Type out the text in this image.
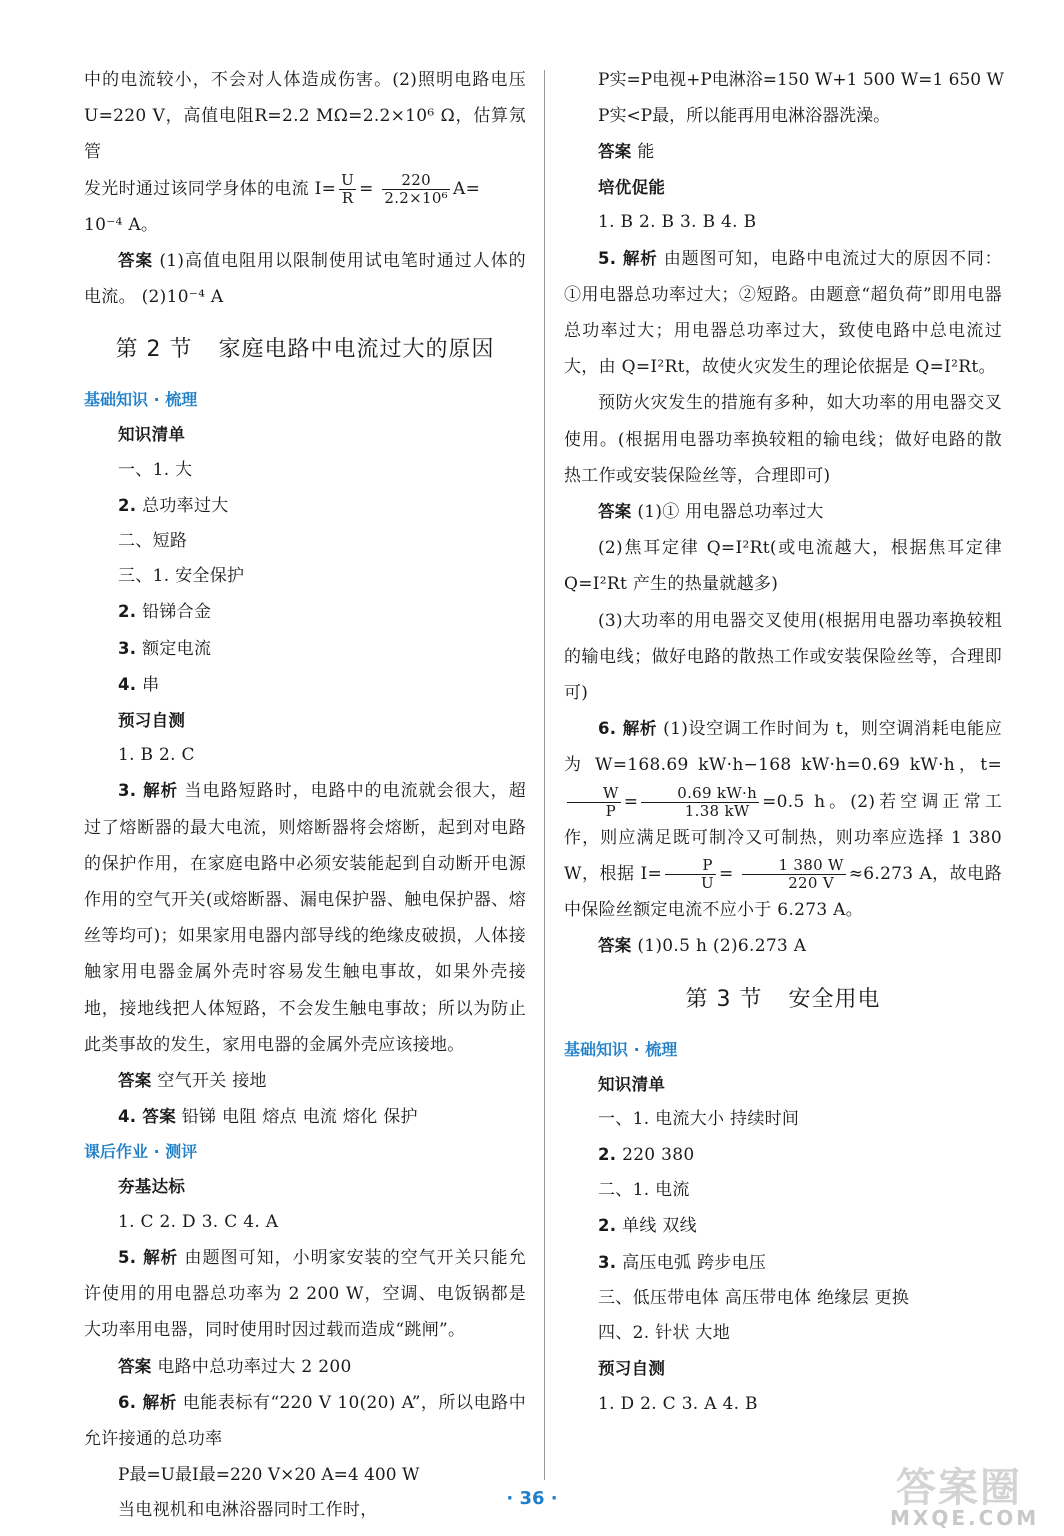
中的电流较小，不会对人体造成伤害。(2)照明电路电压U=220 V，高值电阻R=2.2 MΩ=2.2×10⁶ Ω，估算氖管

发光时通过该同学身体的电流 $I= \frac{U}{R} = \frac{220}{\text{2.2×10⁶}} A=$

10⁻⁴ A。

答案 (1)高值电阻用以限制使用试电笔时通过人体的电流。 (2)10⁻⁴ A

第 2 节 家庭电路中电流过大的原因
基础知识 · 梳理
知识清单
一、1. 大
2. 总功率过大
二、短路
三、1. 安全保护
2. 铅锑合金
3. 额定电流
4. 串
预习自测
1. B 2. C

3. 解析 当电路短路时，电路中的电流就会很大，超过了熔断器的最大电流，则熔断器将会熔断，起到对电路的保护作用，在家庭电路中必须安装能起到自动断开电源作用的空气开关(或熔断器、漏电保护器、触电保护器、熔丝等均可)；如果家用电器内部导线的绝缘皮破损，人体接触家用电器金属外壳时容易发生触电事故，如果外壳接地，接地线把人体短路，不会发生触电事故；所以为防止此类事故的发生，家用电器的金属外壳应该接地。

答案 空气开关 接地
4. 答案 铅锑 电阻 熔点 电流 熔化 保护
课后作业 · 测评
夯基达标
1. C 2. D 3. C 4. A

5. 解析 由题图可知，小明家安装的空气开关只能允许使用的用电器总功率为 2 200 W，空调、电饭锅都是大功率用电器，同时使用时因过载而造成“跳闸”。

答案 电路中总功率过大 2 200

6. 解析 电能表标有“220 V 10(20) A”，所以电路中允许接通的总功率

P最=U最I最=220 V×20 A=4 400 W
当电视机和电淋浴器同时工作时，
P实=P电视+P电淋浴=150 W+1 500 W=1 650 W
P实<P最，所以能再用电淋浴器洗澡。
答案 能
培优促能
1. B 2. B 3. B 4. B

5. 解析 由题图可知，电路中电流过大的原因不同：①用电器总功率过大；②短路。由题意“超负荷”即用电器总功率过大；用电器总功率过大，致使电路中总电流过大，由 Q=I²Rt，故使火灾发生的理论依据是 Q=I²Rt。

预防火灾发生的措施有多种，如大功率的用电器交叉使用。(根据用电器功率换较粗的输电线；做好电路的散热工作或安装保险丝等，合理即可)

答案 (1)① 用电器总功率过大

(2)焦耳定律 Q=I²Rt(或电流越大，根据焦耳定律 Q=I²Rt 产生的热量就越多)

(3)大功率的用电器交叉使用(根据用电器功率换较粗的输电线；做好电路的散热工作或安装保险丝等，合理即可)

6. 解析 (1)设空调工作时间为 t，则空调消耗电能应为 W=168.69 kW·h−168 kW·h=0.69 kW·h，t=
$\frac{W}{P} = \frac{0.69 kW\cdot h}{1.38 kW} =0.5$ h。(2)若空调正常工作，则应满足既可制冷又可制热，则功率应选择 1 380 W，根据 $I= \frac{P}{U} = \frac{1 380 W}{220 V} \approx 6.273$ A，故电路中保险丝额定电流不应小于 6.273 A。

答案 (1)0.5 h (2)6.273 A
第 3 节 安全用电
基础知识 · 梳理
知识清单
一、1. 电流大小 持续时间
2. 220 380
二、1. 电流
2. 单线 双线
3. 高压电弧 跨步电压
三、低压带电体 高压带电体 绝缘层 更换
四、2. 针状 大地
预习自测
1. D 2. C 3. A 4. B
· 36 ·	答案圈
MXQE.COM
